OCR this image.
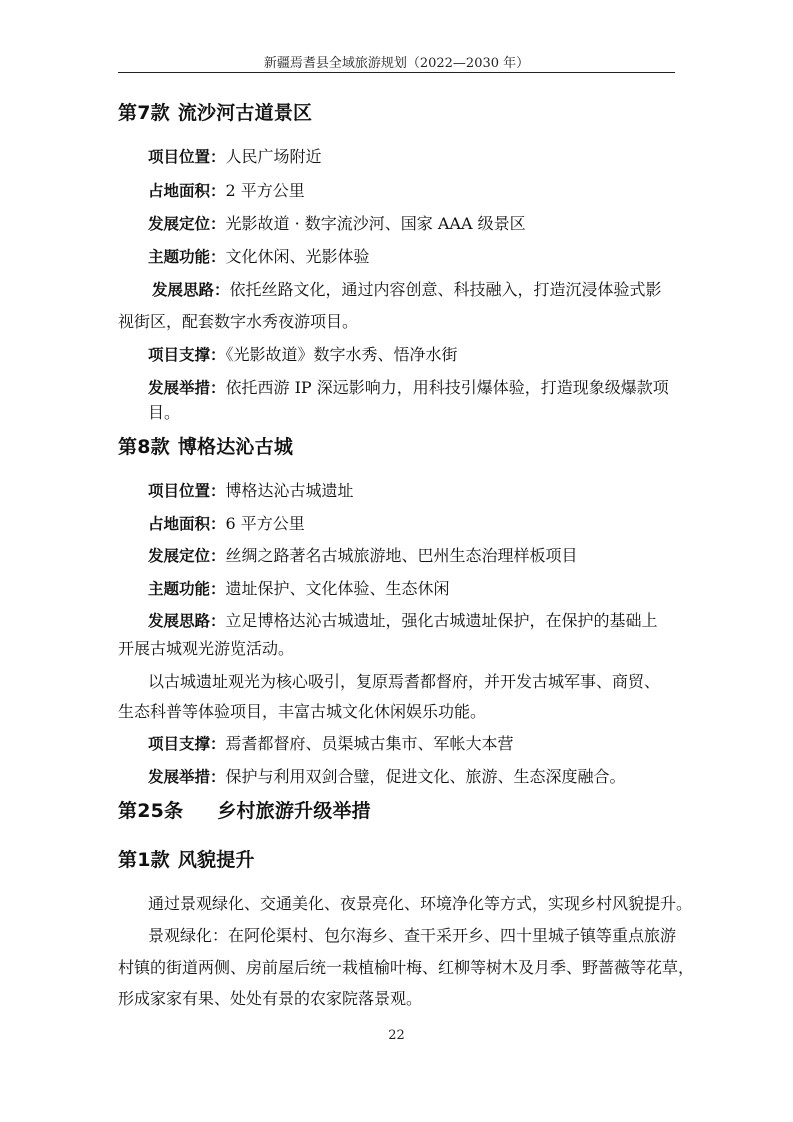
新疆焉耆县全域旅游规划（2022—2030 年）
第7款 流沙河古道景区
项目位置：人民广场附近
占地面积：2 平方公里
发展定位：光影故道 · 数字流沙河、国家 AAA 级景区
主题功能：文化休闲、光影体验
发展思路：依托丝路文化，通过内容创意、科技融入，打造沉浸体验式影
视街区，配套数字水秀夜游项目。
项目支撑：《光影故道》数字水秀、悟净水街
发展举措：依托西游 IP 深远影响力，用科技引爆体验，打造现象级爆款项
目。
第8款 博格达沁古城
项目位置：博格达沁古城遗址
占地面积：6 平方公里
发展定位：丝绸之路著名古城旅游地、巴州生态治理样板项目
主题功能：遗址保护、文化体验、生态休闲
发展思路：立足博格达沁古城遗址，强化古城遗址保护，在保护的基础上
开展古城观光游览活动。
以古城遗址观光为核心吸引，复原焉耆都督府，并开发古城军事、商贸、
生态科普等体验项目，丰富古城文化休闲娱乐功能。
项目支撑：焉耆都督府、员渠城古集市、军帐大本营
发展举措：保护与利用双剑合璧，促进文化、旅游、生态深度融合。
第25条 乡村旅游升级举措
第1款 风貌提升
通过景观绿化、交通美化、夜景亮化、环境净化等方式，实现乡村风貌提升。
景观绿化：在阿伦渠村、包尔海乡、查干采开乡、四十里城子镇等重点旅游
村镇的街道两侧、房前屋后统一栽植榆叶梅、红柳等树木及月季、野蔷薇等花草，
形成家家有果、处处有景的农家院落景观。
22
